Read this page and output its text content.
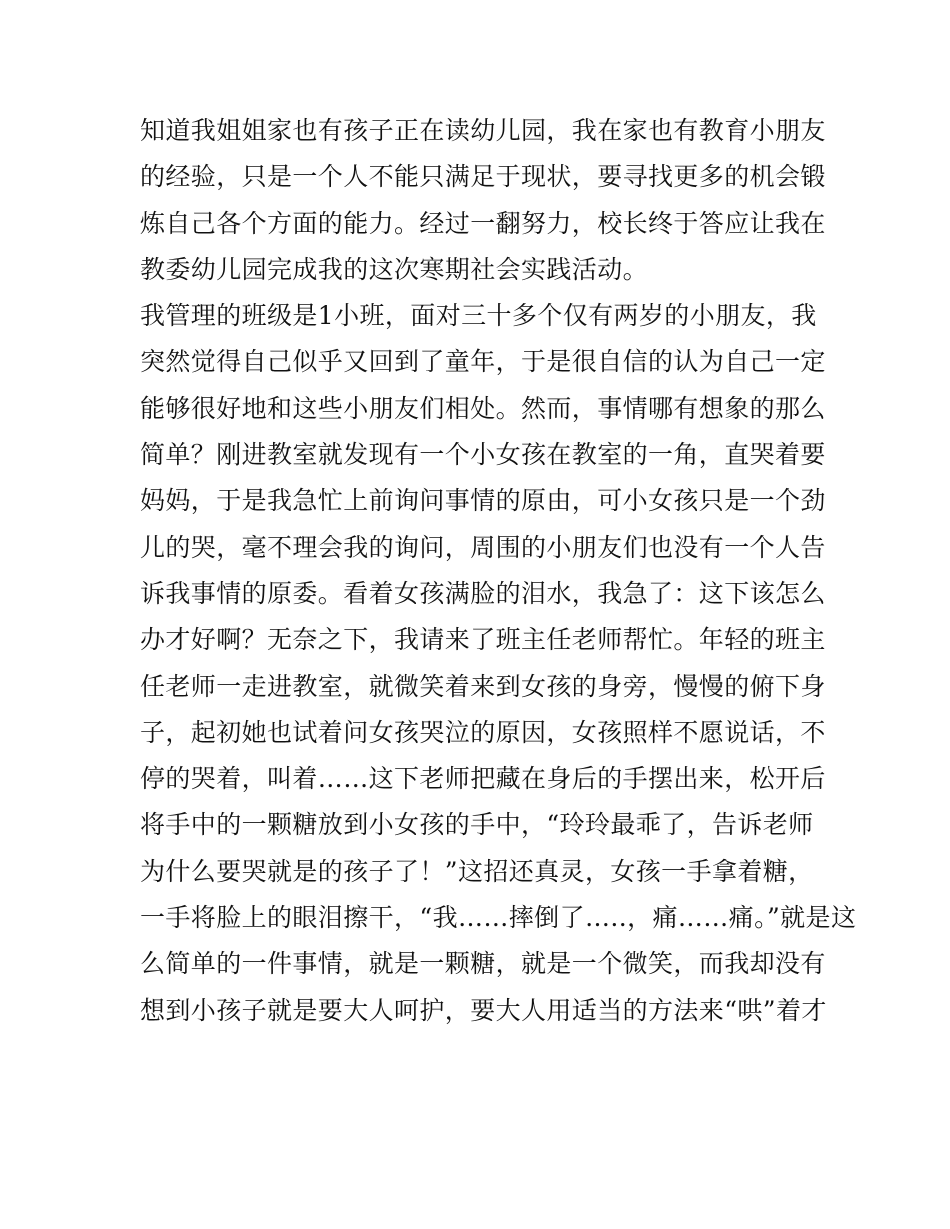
知道我姐姐家也有孩子正在读幼儿园，我在家也有教育小朋友
的经验，只是一个人不能只满足于现状，要寻找更多的机会锻
炼自己各个方面的能力。经过一翻努力，校长终于答应让我在
教委幼儿园完成我的这次寒期社会实践活动。
我管理的班级是1小班，面对三十多个仅有两岁的小朋友，我
突然觉得自己似乎又回到了童年，于是很自信的认为自己一定
能够很好地和这些小朋友们相处。然而，事情哪有想象的那么
简单？刚进教室就发现有一个小女孩在教室的一角，直哭着要
妈妈，于是我急忙上前询问事情的原由，可小女孩只是一个劲
儿的哭，毫不理会我的询问，周围的小朋友们也没有一个人告
诉我事情的原委。看着女孩满脸的泪水，我急了：这下该怎么
办才好啊？无奈之下，我请来了班主任老师帮忙。年轻的班主
任老师一走进教室，就微笑着来到女孩的身旁，慢慢的俯下身
子，起初她也试着问女孩哭泣的原因，女孩照样不愿说话，不
停的哭着，叫着……这下老师把藏在身后的手摆出来，松开后
将手中的一颗糖放到小女孩的手中，“玲玲最乖了，告诉老师
为什么要哭就是的孩子了！”这招还真灵，女孩一手拿着糖，
一手将脸上的眼泪擦干，“我……摔倒了…..，痛……痛。”就是这
么简单的一件事情，就是一颗糖，就是一个微笑，而我却没有
想到小孩子就是要大人呵护，要大人用适当的方法来“哄”着才
